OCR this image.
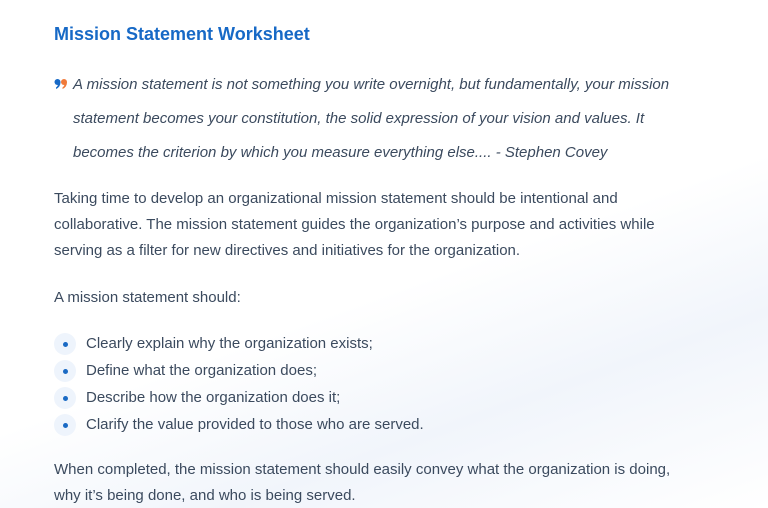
Mission Statement Worksheet
A mission statement is not something you write overnight, but fundamentally, your mission
statement becomes your constitution, the solid expression of your vision and values. It
becomes the criterion by which you measure everything else.... - Stephen Covey
Taking time to develop an organizational mission statement should be intentional and
collaborative. The mission statement guides the organization’s purpose and activities while
serving as a filter for new directives and initiatives for the organization.
A mission statement should:
Clearly explain why the organization exists;
Define what the organization does;
Describe how the organization does it;
Clarify the value provided to those who are served.
When completed, the mission statement should easily convey what the organization is doing,
why it’s being done, and who is being served.
